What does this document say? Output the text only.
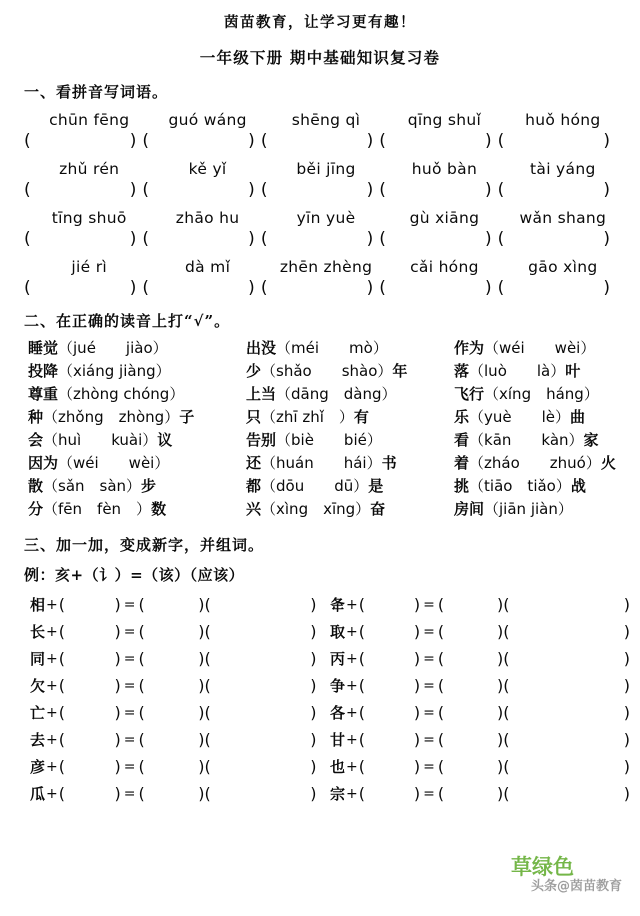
茵苗教育，让学习更有趣！
一年级下册 期中基础知识复习卷
一、看拼音写词语。
chūn fēng	guó wáng	shēng qì	qīng shuǐ	huǒ hóng
(	) (	) (	) (	) (	)
zhǔ rén	kě yǐ	běi jīng	huǒ bàn	tài yáng
(	) (	) (	) (	) (	)
tīng shuō	zhāo hu	yīn yuè	gù xiāng	wǎn shang
(	) (	) (	) (	) (	)
jié rì	dà mǐ	zhēn zhèng	cǎi hóng	gāo xìng
(	) (	) (	) (	) (	)
二、在正确的读音上打“√”。
睡觉（jué　　jiào）	出没（méi　　mò）	作为（wéi　　wèi）
投降（xiáng jiàng）	少（shǎo　　shào）年	落（luò　　là）叶
尊重（zhòng chóng）	上当（dāng　dàng）	飞行（xíng　háng）
种（zhǒng　zhòng）子	只（zhī zhǐ　）有	乐（yuè　　lè）曲
会（huì　　kuài）议	告别（biè　　bié）	看（kān　　kàn）家
因为（wéi　　wèi）	还（huán　　hái）书	着（zháo　　zhuó）火
散（sǎn　sàn）步	都（dōu　　dū）是	挑（tiāo　tiǎo）战
分（fēn　fèn　）数	兴（xìng　xīng）奋	房间（jiān jiàn）
三、加一加，变成新字，并组词。
例：亥+（讠）=（该）（应该）
相 + (	) = (	) (	) 夅 + (	) = (	) (	)
长 + (	) = (	) (	) 取 + (	) = (	) (	)
同 + (	) = (	) (	) 丙 + (	) = (	) (	)
欠 + (	) = (	) (	) 争 + (	) = (	) (	)
亡 + (	) = (	) (	) 各 + (	) = (	) (	)
去 + (	) = (	) (	) 甘 + (	) = (	) (	)
彦 + (	) = (	) (	) 也 + (	) = (	) (	)
瓜 + (	) = (	) (	) 宗 + (	) = (	) (	)
草绿色
头条@茵苗教育
